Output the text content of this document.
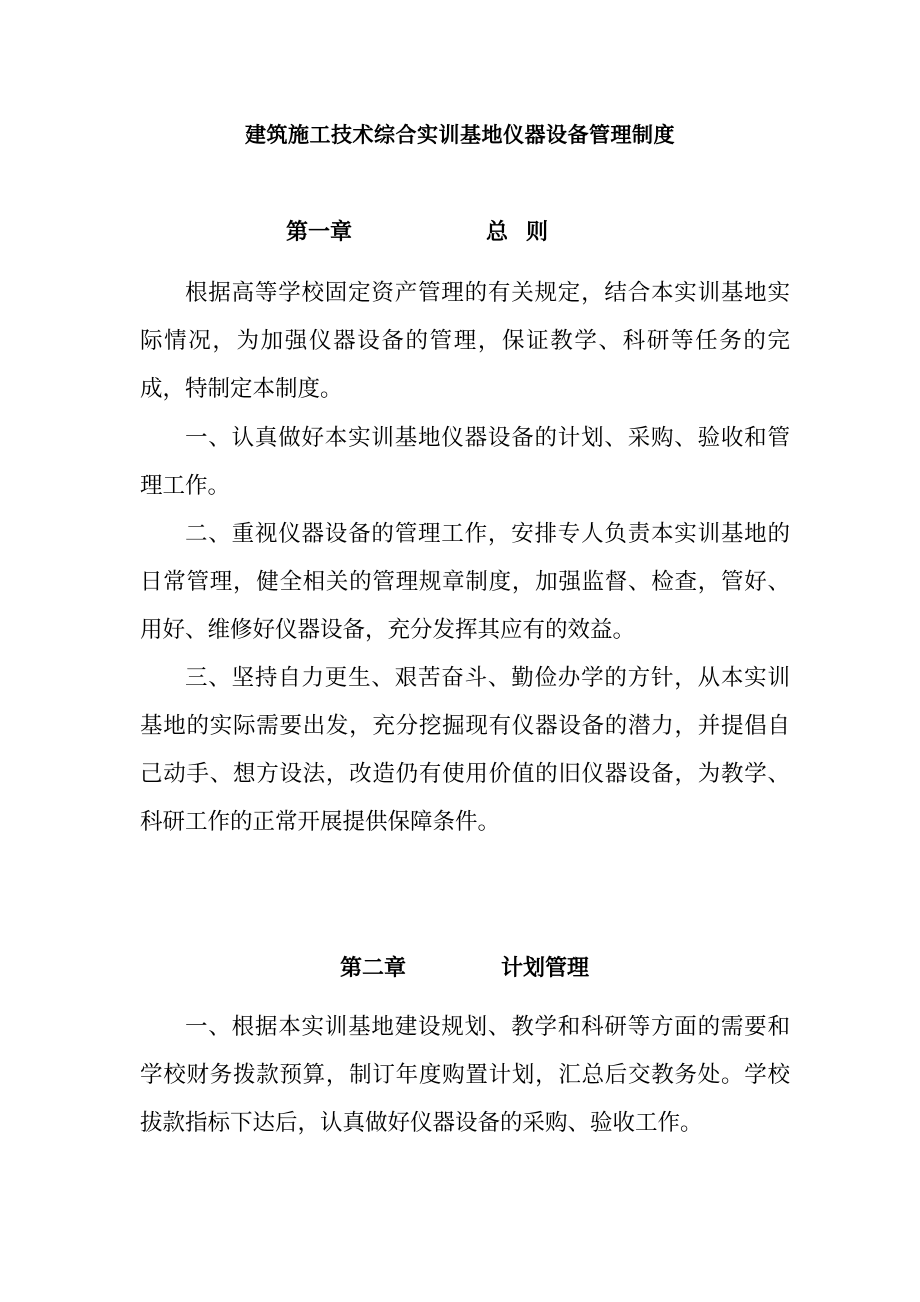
建筑施工技术综合实训基地仪器设备管理制度
第一章	总则

根据高等学校固定资产管理的有关规定，结合本实训基地实际情况，为加强仪器设备的管理，保证教学、科研等任务的完成，特制定本制度。

一、认真做好本实训基地仪器设备的计划、采购、验收和管理工作。

二、重视仪器设备的管理工作，安排专人负责本实训基地的日常管理，健全相关的管理规章制度，加强监督、检查，管好、用好、维修好仪器设备，充分发挥其应有的效益。

三、坚持自力更生、艰苦奋斗、勤俭办学的方针，从本实训基地的实际需要出发，充分挖掘现有仪器设备的潜力，并提倡自己动手、想方设法，改造仍有使用价值的旧仪器设备，为教学、科研工作的正常开展提供保障条件。

第二章	计划管理

一、根据本实训基地建设规划、教学和科研等方面的需要和学校财务拨款预算，制订年度购置计划，汇总后交教务处。学校拔款指标下达后，认真做好仪器设备的采购、验收工作。
